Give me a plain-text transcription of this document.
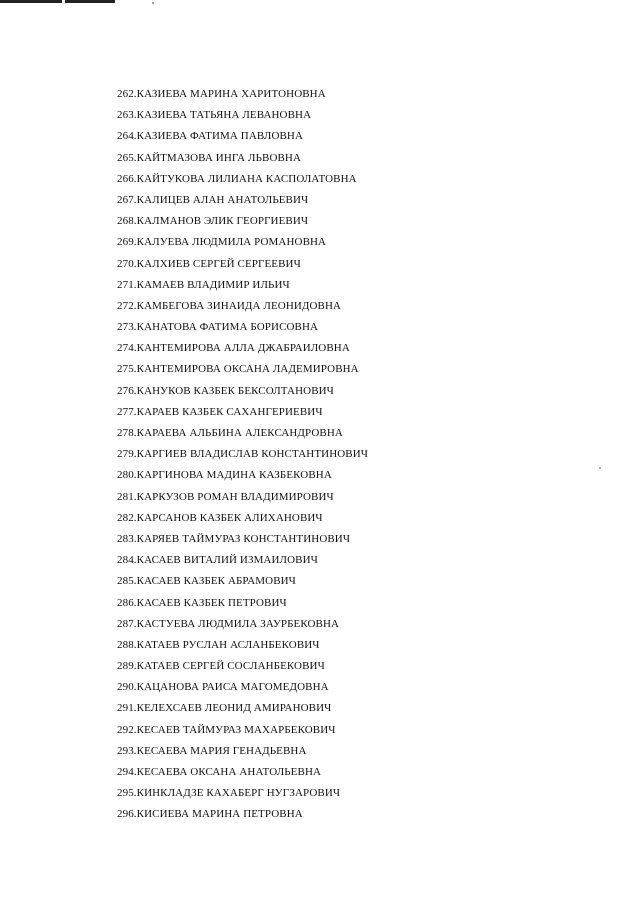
262.КАЗИЕВА МАРИНА ХАРИТОНОВНА
263.КАЗИЕВА ТАТЬЯНА ЛЕВАНОВНА
264.КАЗИЕВА ФАТИМА ПАВЛОВНА
265.КАЙТМАЗОВА ИНГА ЛЬВОВНА
266.КАЙТУКОВА ЛИЛИАНА КАСПОЛАТОВНА
267.КАЛИЦЕВ АЛАН АНАТОЛЬЕВИЧ
268.КАЛМАНОВ ЭЛИК ГЕОРГИЕВИЧ
269.КАЛУЕВА ЛЮДМИЛА РОМАНОВНА
270.КАЛХИЕВ СЕРГЕЙ СЕРГЕЕВИЧ
271.КАМАЕВ ВЛАДИМИР ИЛЬИЧ
272.КАМБЕГОВА ЗИНАИДА ЛЕОНИДОВНА
273.КАНАТОВА ФАТИМА БОРИСОВНА
274.КАНТЕМИРОВА АЛЛА ДЖАБРАИЛОВНА
275.КАНТЕМИРОВА ОКСАНА ЛАДЕМИРОВНА
276.КАНУКОВ КАЗБЕК БЕКСОЛТАНОВИЧ
277.КАРАЕВ КАЗБЕК САХАНГЕРИЕВИЧ
278.КАРАЕВА АЛЬБИНА АЛЕКСАНДРОВНА
279.КАРГИЕВ ВЛАДИСЛАВ КОНСТАНТИНОВИЧ
280.КАРГИНОВА МАДИНА КАЗБЕКОВНА
281.КАРКУЗОВ РОМАН ВЛАДИМИРОВИЧ
282.КАРСАНОВ КАЗБЕК АЛИХАНОВИЧ
283.КАРЯЕВ ТАЙМУРАЗ КОНСТАНТИНОВИЧ
284.КАСАЕВ ВИТАЛИЙ ИЗМАИЛОВИЧ
285.КАСАЕВ КАЗБЕК АБРАМОВИЧ
286.КАСАЕВ КАЗБЕК ПЕТРОВИЧ
287.КАСТУЕВА ЛЮДМИЛА ЗАУРБЕКОВНА
288.КАТАЕВ РУСЛАН АСЛАНБЕКОВИЧ
289.КАТАЕВ СЕРГЕЙ СОСЛАНБЕКОВИЧ
290.КАЦАНОВА РАИСА МАГОМЕДОВНА
291.КЕЛЕХСАЕВ ЛЕОНИД АМИРАНОВИЧ
292.КЕСАЕВ ТАЙМУРАЗ МАХАРБЕКОВИЧ
293.КЕСАЕВА МАРИЯ ГЕНАДЬЕВНА
294.КЕСАЕВА ОКСАНА АНАТОЛЬЕВНА
295.КИНКЛАДЗЕ КАХАБЕРГ НУГЗАРОВИЧ
296.КИСИЕВА МАРИНА ПЕТРОВНА
